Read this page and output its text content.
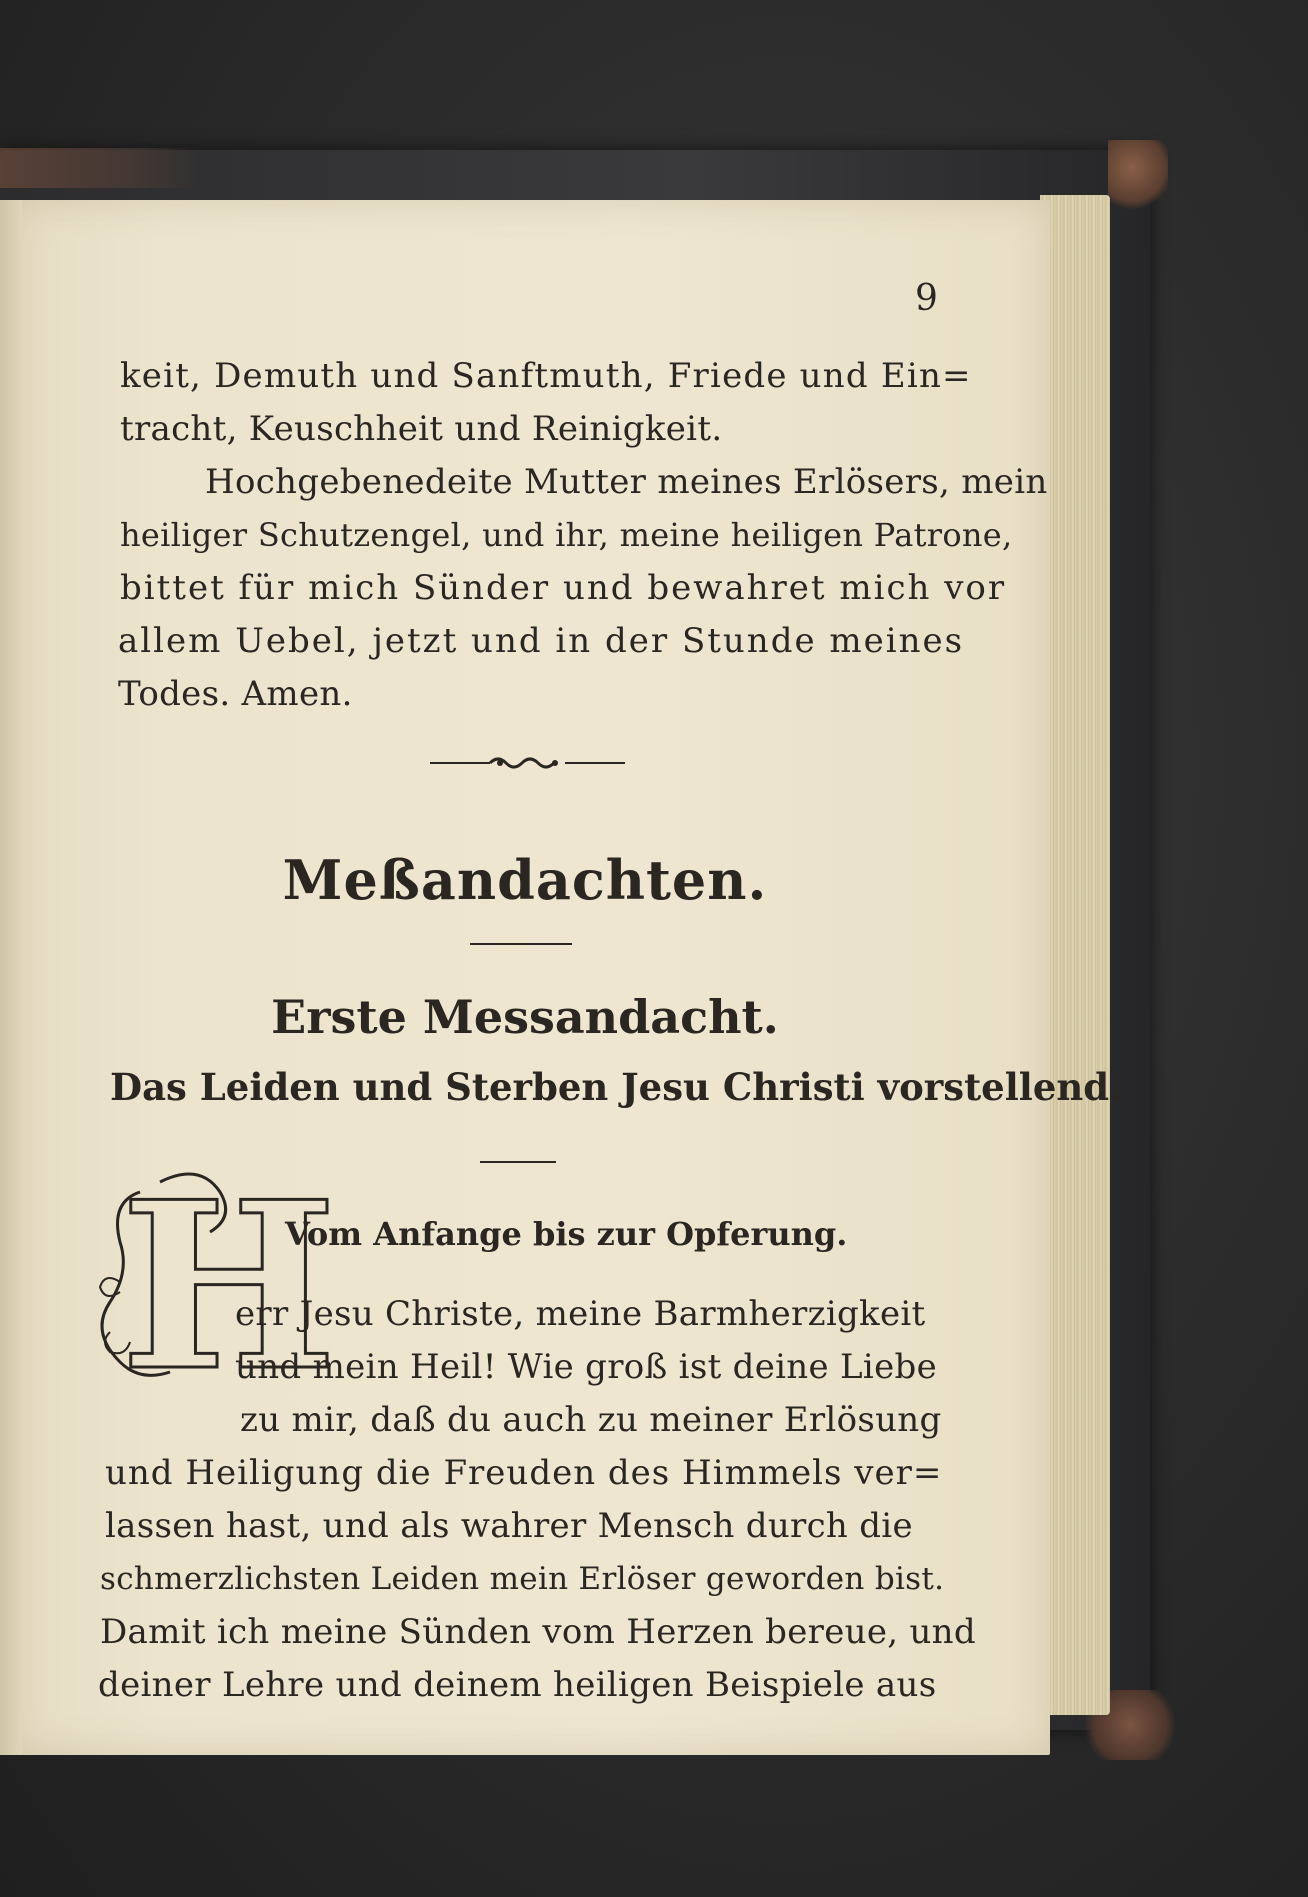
9
keit, Demuth und Sanftmuth, Friede und Ein=
tracht, Keuschheit und Reinigkeit.
Hochgebenedeite Mutter meines Erlösers, mein
heiliger Schutzengel, und ihr, meine heiligen Patrone,
bittet für mich Sünder und bewahret mich vor
allem Uebel, jetzt und in der Stunde meines
Todes. Amen.
Meßandachten.
Erste Messandacht.
Das Leiden und Sterben Jesu Christi vorstellend.
H
Vom Anfange bis zur Opferung.
err Jesu Christe, meine Barmherzigkeit
und mein Heil! Wie groß ist deine Liebe
zu mir, daß du auch zu meiner Erlösung
und Heiligung die Freuden des Himmels ver=
lassen hast, und als wahrer Mensch durch die
schmerzlichsten Leiden mein Erlöser geworden bist.
Damit ich meine Sünden vom Herzen bereue, und
deiner Lehre und deinem heiligen Beispiele aus
